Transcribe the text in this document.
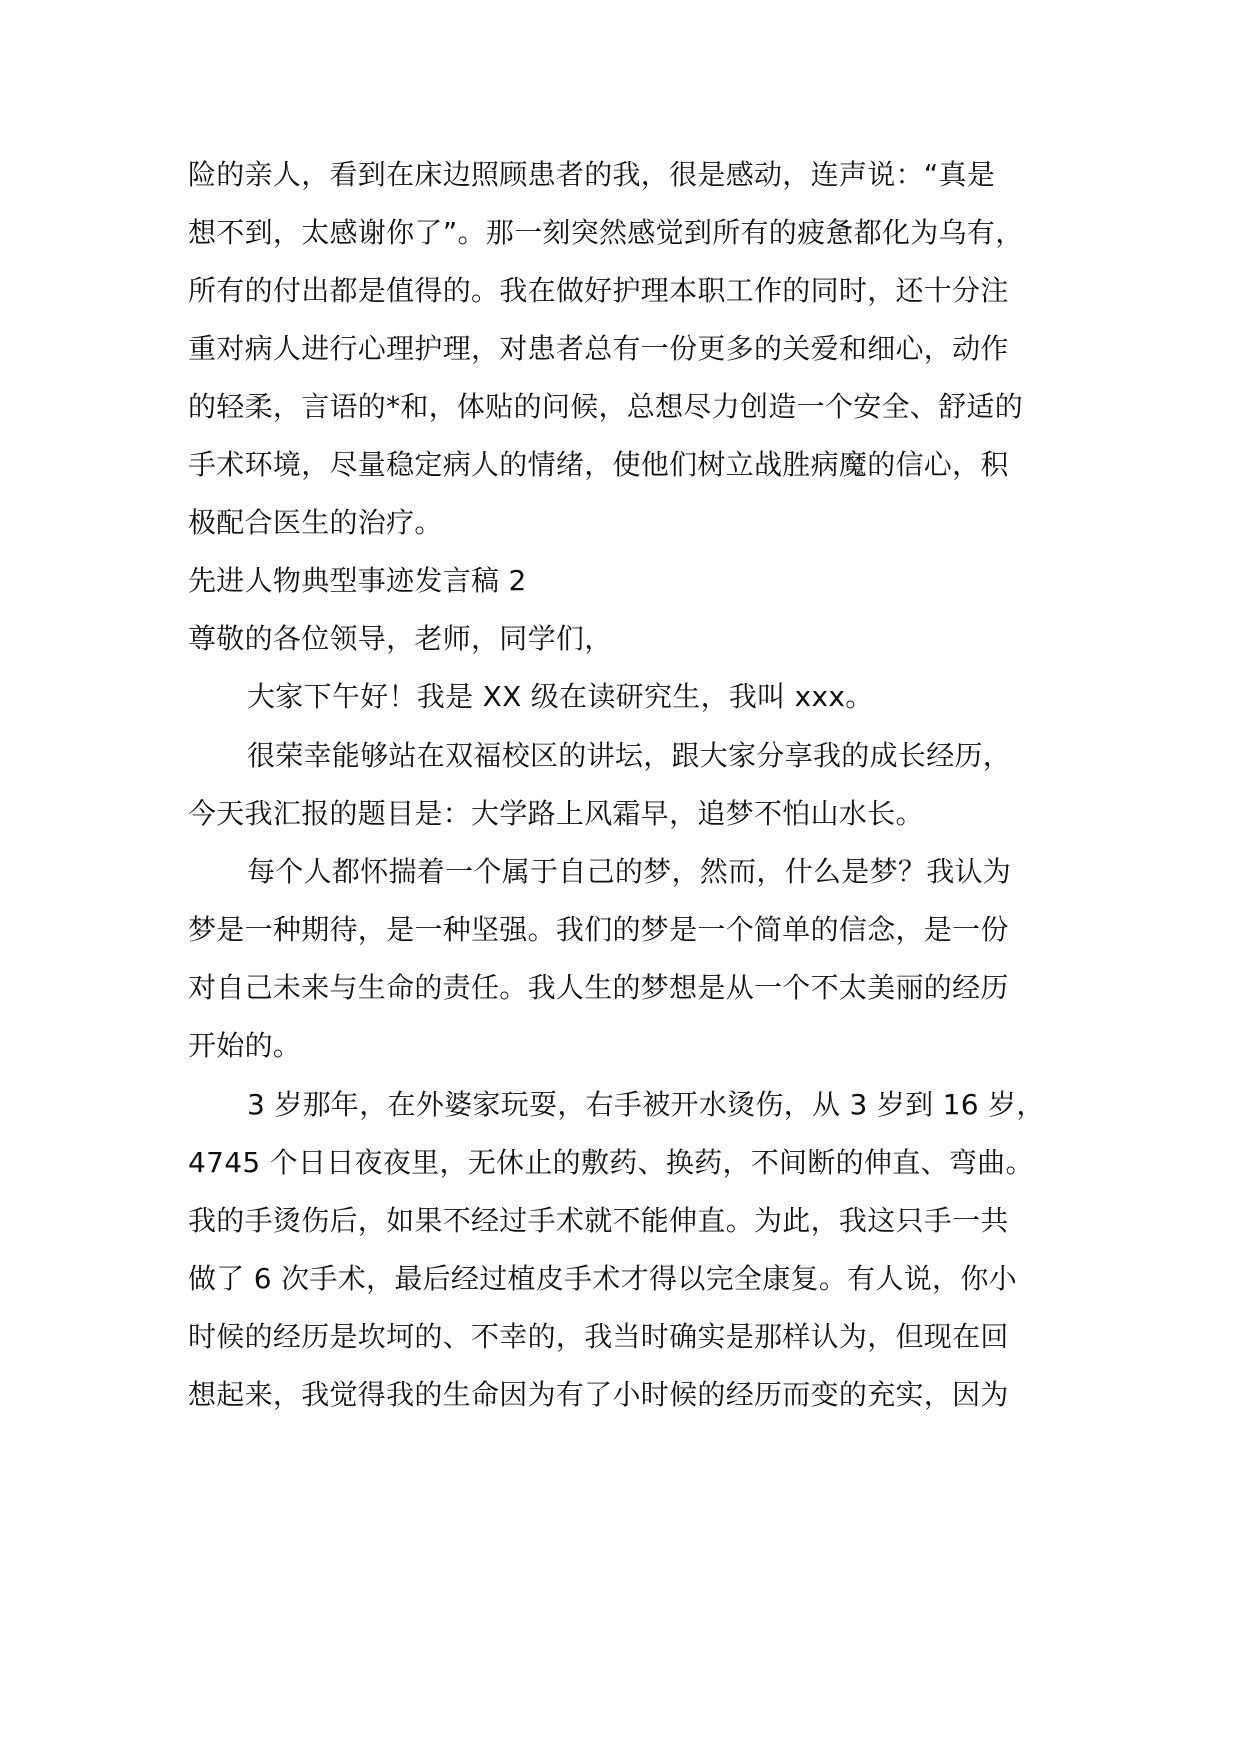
险的亲人，看到在床边照顾患者的我，很是感动，连声说：“真是
想不到，太感谢你了”。那一刻突然感觉到所有的疲惫都化为乌有，
所有的付出都是值得的。我在做好护理本职工作的同时，还十分注
重对病人进行心理护理，对患者总有一份更多的关爱和细心，动作
的轻柔，言语的*和，体贴的问候，总想尽力创造一个安全、舒适的
手术环境，尽量稳定病人的情绪，使他们树立战胜病魔的信心，积
极配合医生的治疗。
先进人物典型事迹发言稿 2
尊敬的各位领导，老师，同学们，
大家下午好！我是 XX 级在读研究生，我叫 xxx。
很荣幸能够站在双福校区的讲坛，跟大家分享我的成长经历，
今天我汇报的题目是：大学路上风霜早，追梦不怕山水长。
每个人都怀揣着一个属于自己的梦，然而，什么是梦？我认为
梦是一种期待，是一种坚强。我们的梦是一个简单的信念，是一份
对自己未来与生命的责任。我人生的梦想是从一个不太美丽的经历
开始的。
3 岁那年，在外婆家玩耍，右手被开水烫伤，从 3 岁到 16 岁，
4745 个日日夜夜里，无休止的敷药、换药，不间断的伸直、弯曲。
我的手烫伤后，如果不经过手术就不能伸直。为此，我这只手一共
做了 6 次手术，最后经过植皮手术才得以完全康复。有人说，你小
时候的经历是坎坷的、不幸的，我当时确实是那样认为，但现在回
想起来，我觉得我的生命因为有了小时候的经历而变的充实，因为
